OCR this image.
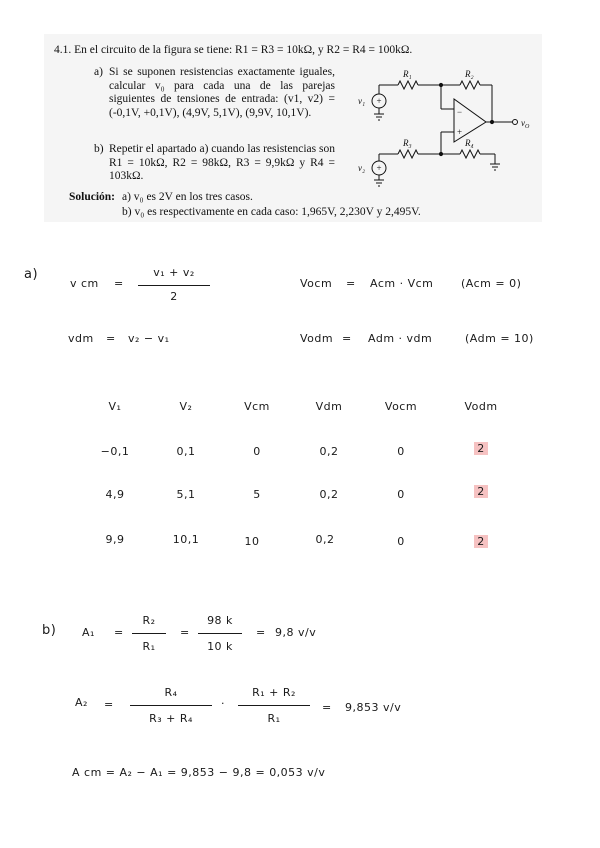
4.1. En el circuito de la figura se tiene: R1 = R3 = 10kΩ, y R2 = R4 = 100kΩ.
a) Si se suponen resistencias exactamente iguales, calcular v₀ para cada una de las parejas siguientes de tensiones de entrada: (v1, v2) = (-0,1V, +0,1V), (4,9V, 5,1V), (9,9V, 10,1V).
b) Repetir el apartado a) cuando las resistencias son R1 = 10kΩ, R2 = 98kΩ, R3 = 9,9kΩ y R4 = 103kΩ.
Solución: a) v₀ es 2V en los tres casos.
b) v₀ es respectivamente en cada caso: 1,965V, 2,230V y 2,495V.
+
−
+
+
R₁	R₂
R₃	R₄
v₁
v₂
$v_O$
a)
v cm =
v₁ + v₂
2
Vocm = Acm · Vcm	(Acm = 0)
vdm = v₂ − v₁	Vodm = Adm · vdm	(Adm = 10)
V₁	V₂	Vcm	Vdm	Vocm	Vodm
−0,1	0,1	0	0,2	0	2
4,9	5,1	5	0,2	0	2
9,9	10,1	10	0,2	0	2
b) A₁ =
R₂
R₁
=
98 k
10 k
= 9,8 v/v
A₂ =
R₄
R₃ + R₄
·
R₁ + R₂
R₁
= 9,853 v/v
A cm = A₂ − A₁ = 9,853 − 9,8 = 0,053 v/v
